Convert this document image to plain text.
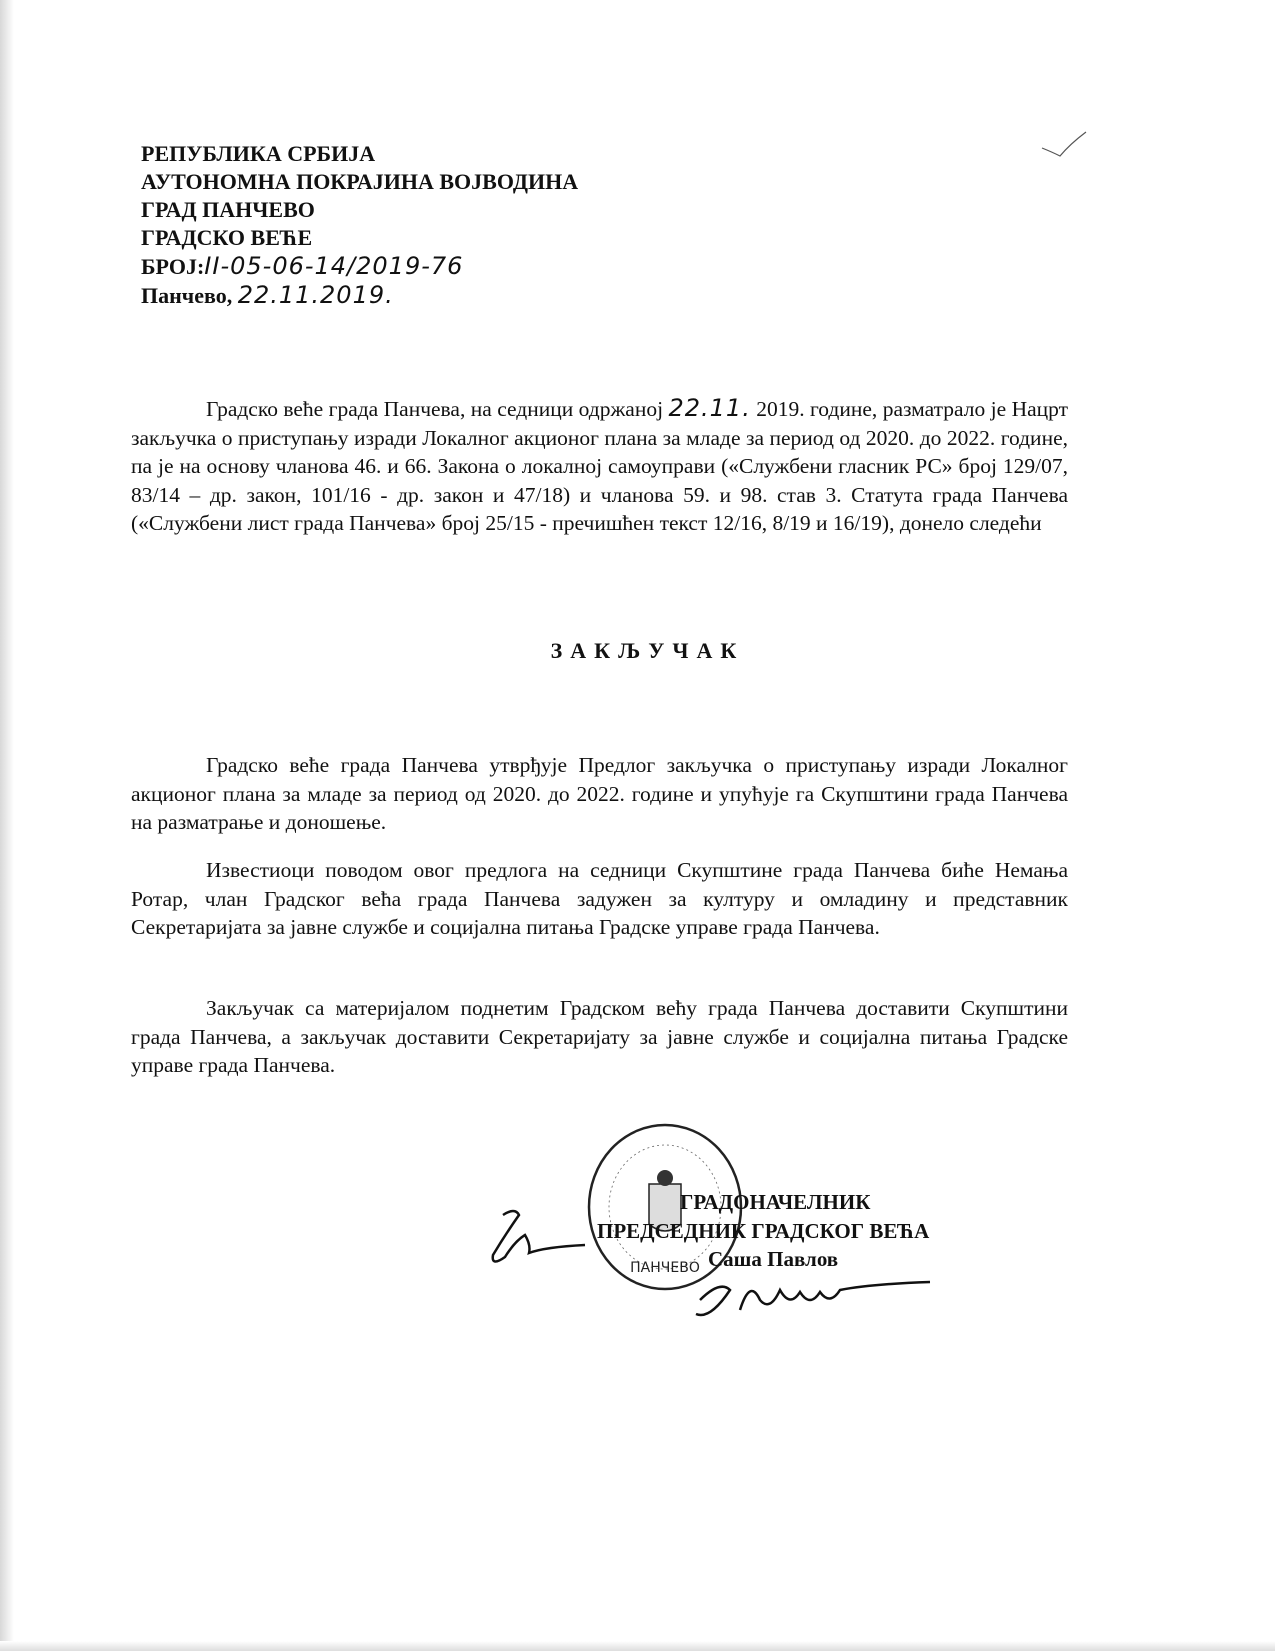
РЕПУБЛИКА СРБИЈА
АУТОНОМНА ПОКРАЈИНА ВОЈВОДИНА
ГРАД ПАНЧЕВО
ГРАДСКО ВЕЋЕ
БРОЈ:II-05-06-14/2019-76
Панчево, 22.11.2019.
Градско веће града Панчева, на седници одржаној 22.11. 2019. године, разматрало је Нацрт закључка о приступању изради Локалног акционог плана за младе за период од 2020. до 2022. године, па је на основу чланова 46. и 66. Закона о локалној самоуправи («Службени гласник РС» број 129/07, 83/14 – др. закон, 101/16 - др. закон и 47/18) и чланова 59. и 98. став 3. Статута града Панчева («Службени лист града Панчева» број 25/15 - пречишћен текст 12/16, 8/19 и 16/19), донело следећи
ЗАКЉУЧАК
Градско веће града Панчева утврђује Предлог закључка о приступању изради Локалног акционог плана за младе за период од 2020. до 2022. године и упућује га Скупштини града Панчева на разматрање и доношење.
Известиоци поводом овог предлога на седници Скупштине града Панчева биће Немања Ротар, члан Градског већа града Панчева задужен за културу и омладину и представник Секретаријата за јавне службе и социјална питања Градске управе града Панчева.
Закључак са материјалом поднетим Градском већу града Панчева доставити Скупштини града Панчева, а закључак доставити Секретаријату за јавне службе и социјална питања Градске управе града Панчева.
ПАНЧЕВО
ГРАДОНАЧЕЛНИК
ПРЕДСЕДНИК ГРАДСКОГ ВЕЋА
Саша Павлов
